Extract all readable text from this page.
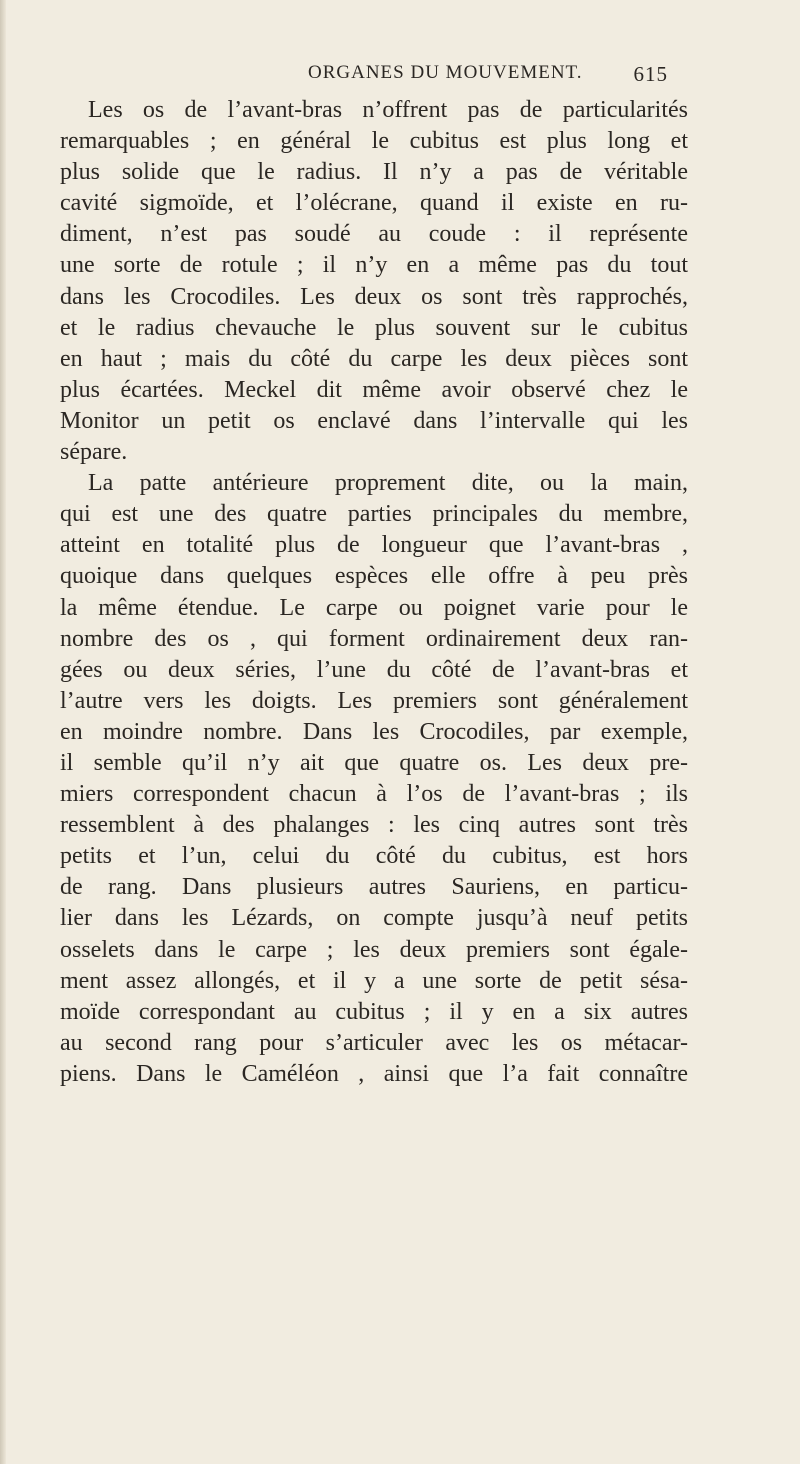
ORGANES DU MOUVEMENT. 615
Les os de l’avant-bras n’offrent pas de particularités
remarquables ; en général le cubitus est plus long et
plus solide que le radius. Il n’y a pas de véritable
cavité sigmoïde, et l’olécrane, quand il existe en ru-
diment, n’est pas soudé au coude : il représente
une sorte de rotule ; il n’y en a même pas du tout
dans les Crocodiles. Les deux os sont très rapprochés,
et le radius chevauche le plus souvent sur le cubitus
en haut ; mais du côté du carpe les deux pièces sont
plus écartées. Meckel dit même avoir observé chez le
Monitor un petit os enclavé dans l’intervalle qui les
sépare.
La patte antérieure proprement dite, ou la main,
qui est une des quatre parties principales du membre,
atteint en totalité plus de longueur que l’avant-bras ,
quoique dans quelques espèces elle offre à peu près
la même étendue. Le carpe ou poignet varie pour le
nombre des os , qui forment ordinairement deux ran-
gées ou deux séries, l’une du côté de l’avant-bras et
l’autre vers les doigts. Les premiers sont généralement
en moindre nombre. Dans les Crocodiles, par exemple,
il semble qu’il n’y ait que quatre os. Les deux pre-
miers correspondent chacun à l’os de l’avant-bras ; ils
ressemblent à des phalanges : les cinq autres sont très
petits et l’un, celui du côté du cubitus, est hors
de rang. Dans plusieurs autres Sauriens, en particu-
lier dans les Lézards, on compte jusqu’à neuf petits
osselets dans le carpe ; les deux premiers sont égale-
ment assez allongés, et il y a une sorte de petit sésa-
moïde correspondant au cubitus ; il y en a six autres
au second rang pour s’articuler avec les os métacar-
piens. Dans le Caméléon , ainsi que l’a fait connaître
